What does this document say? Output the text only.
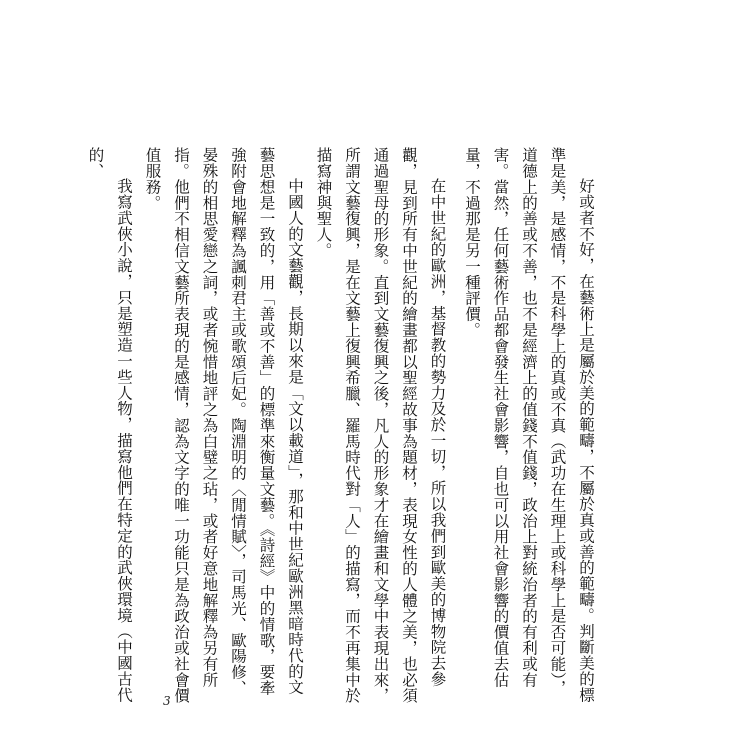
好或者不好，在藝術上是屬於美的範疇，不屬於真或善的範疇。判斷美的標準是美，是感情，不是科學上的真或不真（武功在生理上或科學上是否可能），道德上的善或不善，也不是經濟上的值錢不值錢，政治上對統治者的有利或有害。當然，任何藝術作品都會發生社會影響，自也可以用社會影響的價值去估量，不過那是另一種評價。

在中世紀的歐洲，基督教的勢力及於一切，所以我們到歐美的博物院去參觀，見到所有中世紀的繪畫都以聖經故事為題材，表現女性的人體之美，也必須通過聖母的形象。直到文藝復興之後，凡人的形象才在繪畫和文學中表現出來，所謂文藝復興，是在文藝上復興希臘、羅馬時代對「人」的描寫，而不再集中於描寫神與聖人。

中國人的文藝觀，長期以來是「文以載道」，那和中世紀歐洲黑暗時代的文藝思想是一致的，用「善或不善」的標準來衡量文藝。《詩經》中的情歌，要牽強附會地解釋為諷刺君主或歌頌后妃。陶淵明的〈閒情賦〉，司馬光、歐陽修、晏殊的相思愛戀之詞，或者惋惜地評之為白璧之玷，或者好意地解釋為另有所指。他們不相信文藝所表現的是感情，認為文字的唯一功能只是為政治或社會價值服務。

我寫武俠小說，只是塑造一些人物，描寫他們在特定的武俠環境（中國古代的、

3
